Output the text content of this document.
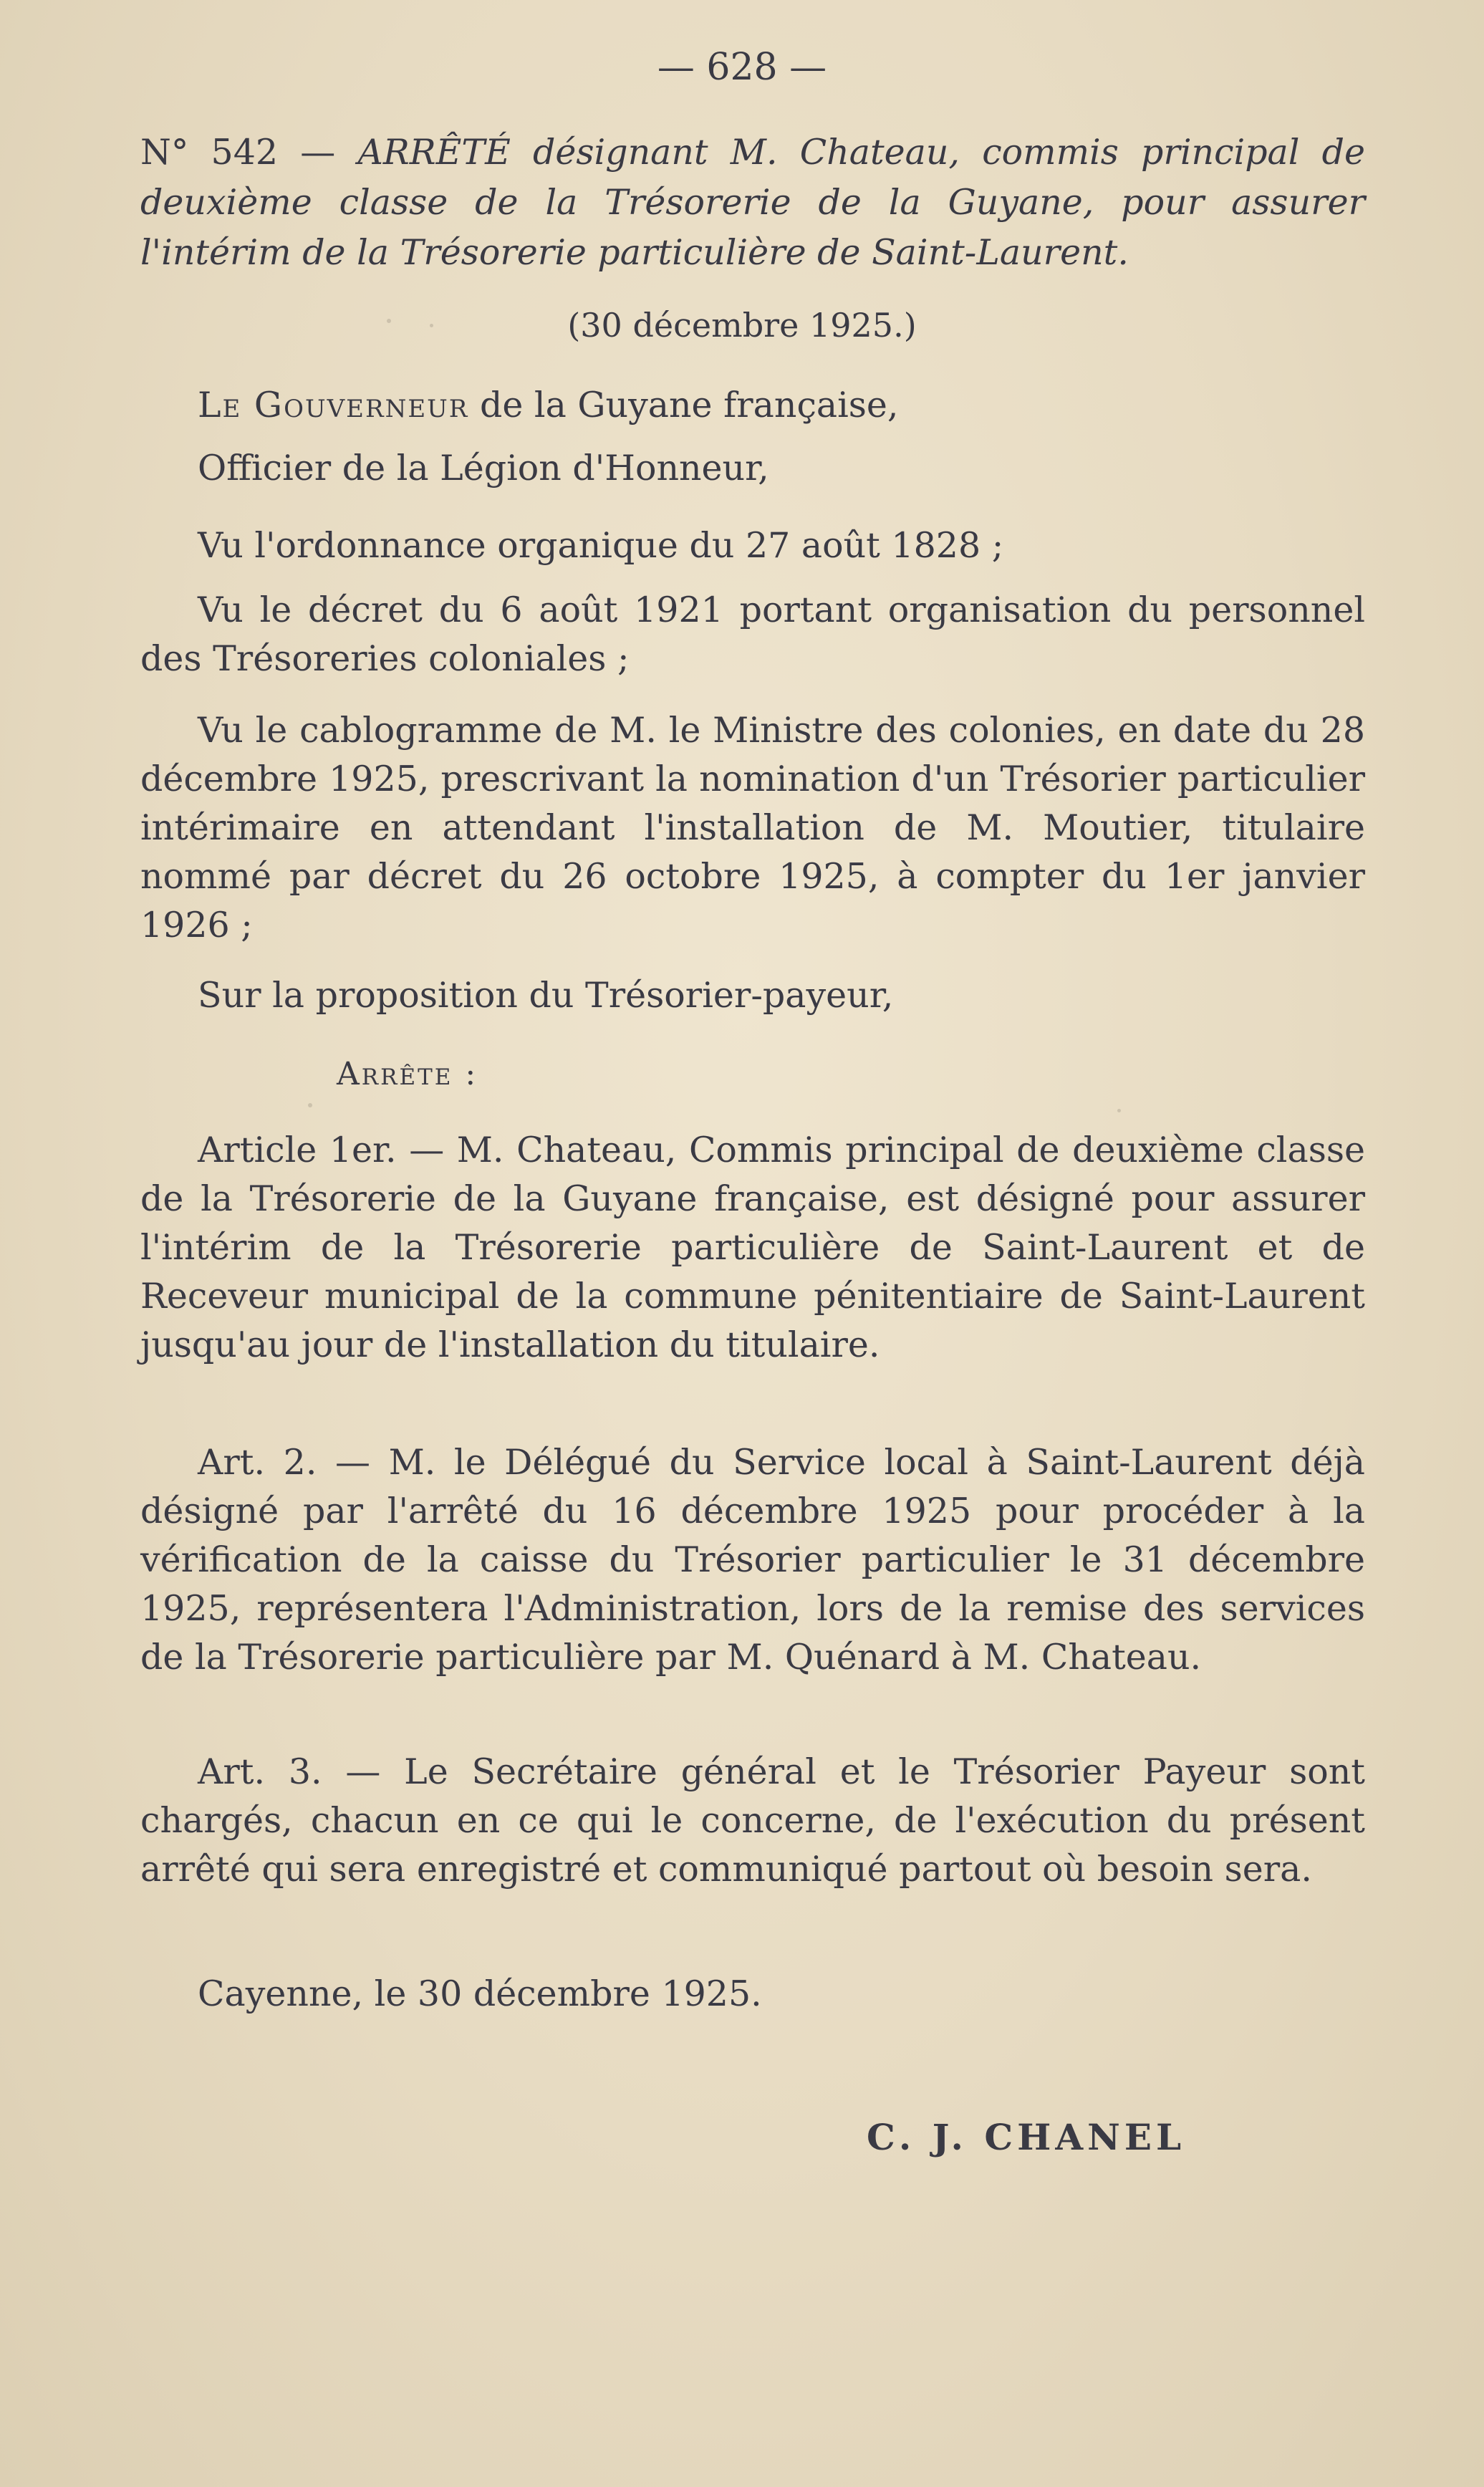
— 628 —

N° 542 — ARRÊTÉ désignant M. Chateau, commis principal de deuxième classe de la Trésorerie de la Guyane, pour assurer l'intérim de la Trésorerie particulière de Saint-Laurent.

(30 décembre 1925.)

Le Gouverneur de la Guyane française,

Officier de la Légion d'Honneur,

Vu l'ordonnance organique du 27 août 1828 ;

Vu le décret du 6 août 1921 portant organisation du personnel des Trésoreries coloniales ;

Vu le cablogramme de M. le Ministre des colonies, en date du 28 décembre 1925, prescrivant la nomination d'un Trésorier particulier intérimaire en attendant l'installation de M. Moutier, titulaire nommé par décret du 26 octobre 1925, à compter du 1er janvier 1926 ;

Sur la proposition du Trésorier-payeur,

Arrête :

Article 1er. — M. Chateau, Commis principal de deuxième classe de la Trésorerie de la Guyane française, est désigné pour assurer l'intérim de la Trésorerie particulière de Saint-Laurent et de Receveur municipal de la commune pénitentiaire de Saint-Laurent jusqu'au jour de l'installation du titulaire.

Art. 2. — M. le Délégué du Service local à Saint-Laurent déjà désigné par l'arrêté du 16 décembre 1925 pour procéder à la vérification de la caisse du Trésorier particulier le 31 décembre 1925, représentera l'Administration, lors de la remise des services de la Trésorerie particulière par M. Quénard à M. Chateau.

Art. 3. — Le Secrétaire général et le Trésorier Payeur sont chargés, chacun en ce qui le concerne, de l'exécution du présent arrêté qui sera enregistré et communiqué partout où besoin sera.

Cayenne, le 30 décembre 1925.

C. J. CHANEL
